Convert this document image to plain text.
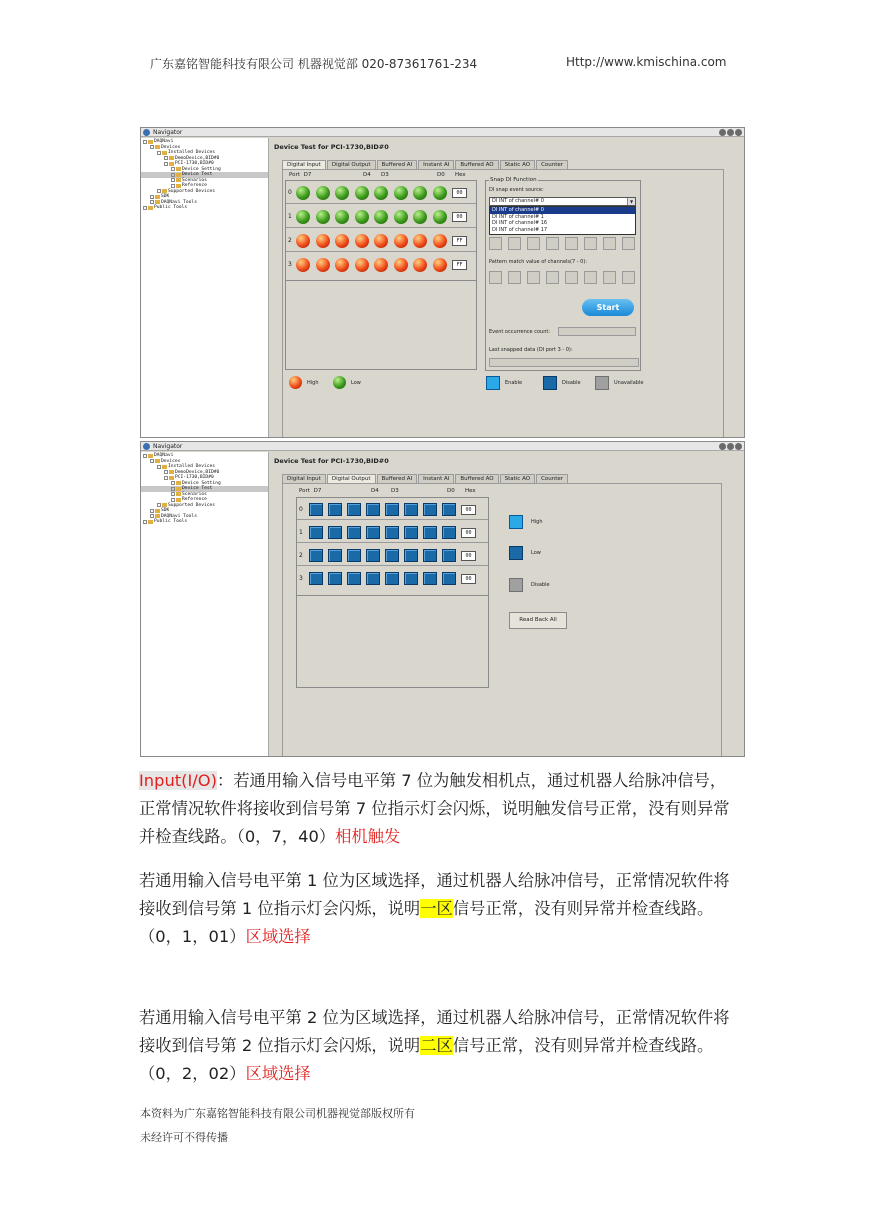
广东嘉铭智能科技有限公司 机器视觉部 020-87361761-234	Http://www.kmischina.com
Navigator
DAQNavi
Devices
Installed Devices
DemoDevice,BID#0
PCI-1730,BID#0
Device Setting
Device Test
Scenarios
Reference
Supported Devices
SDK
DAQNavi Tools
Public Tools
Device Test for PCI-1730,BID#0
Digital Input	Digital Output	Buffered AI	Instant AI	Buffered AO	Static AO	Counter
Port D7	D4 D3	D0 Hex
0	00
1	00
2	FF
3	FF
Snap DI Function
DI snap event source:
DI INT of channel# 0	▼
DI INT of channel# 0
DI INT of channel# 1
DI INT of channel# 16
DI INT of channel# 17
Pattern match value of channels(7 - 0):
Start
Event occurrence count:
Last snapped data (DI port 3 - 0):
High	Low	Enable	Disable	Unavailable
Navigator
DAQNavi
Devices
Installed Devices
DemoDevice,BID#0
PCI-1730,BID#0
Device Setting
Device Test
Scenarios
Reference
Supported Devices
SDK
DAQNavi Tools
Public Tools
Device Test for PCI-1730,BID#0
Digital Input	Digital Output	Buffered AI	Instant AI	Buffered AO	Static AO	Counter
Port D7	D4 D3	D0 Hex
0	00
1	00
2	00
3	00
High
Low
Disable
Read Back All
Input(I/O)：若通用输入信号电平第 7 位为触发相机点，通过机器人给脉冲信号，正常情况软件将接收到信号第 7 位指示灯会闪烁，说明触发信号正常，没有则异常并检查线路。（0，7，40）相机触发
若通用输入信号电平第 1 位为区域选择，通过机器人给脉冲信号，正常情况软件将接收到信号第 1 位指示灯会闪烁，说明一区信号正常，没有则异常并检查线路。（0，1，01）区域选择
若通用输入信号电平第 2 位为区域选择，通过机器人给脉冲信号，正常情况软件将接收到信号第 2 位指示灯会闪烁，说明二区信号正常，没有则异常并检查线路。（0，2，02）区域选择
本资料为广东嘉铭智能科技有限公司机器视觉部版权所有
未经许可不得传播
